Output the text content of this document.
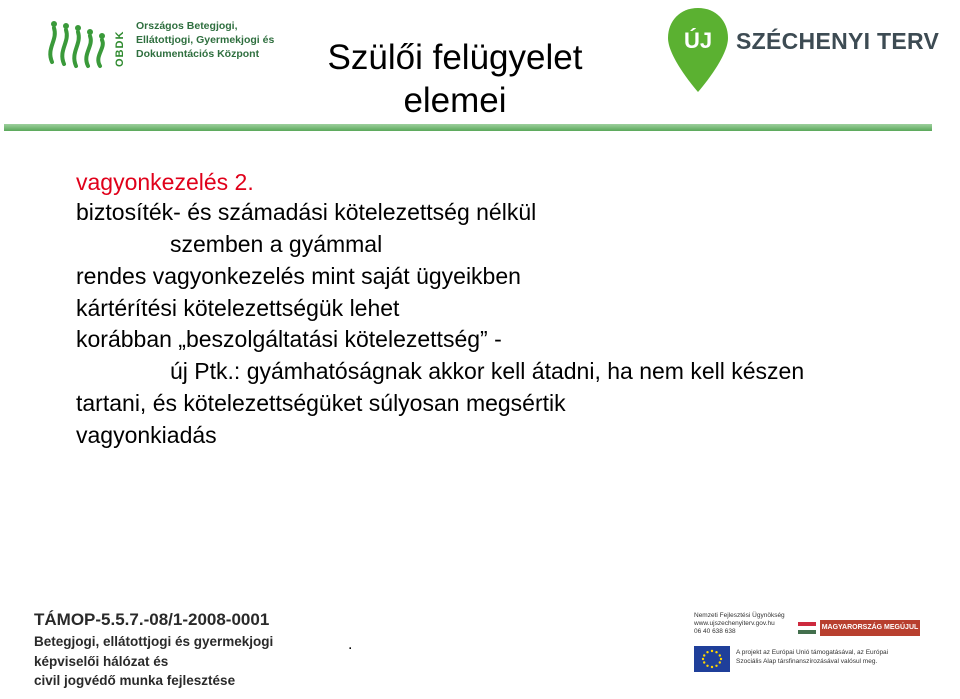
OBDK
Országos Betegjogi,
Ellátottjogi, Gyermekjogi és
Dokumentációs Központ	Szülői felügyelet
elemei
ÚJ SZÉCHENYI TERV
vagyonkezelés 2.
biztosíték- és számadási kötelezettség nélkül
szemben a gyámmal
rendes vagyonkezelés mint saját ügyeikben
kártérítési kötelezettségük lehet
korábban „beszolgáltatási kötelezettség” -
új Ptk.: gyámhatóságnak akkor kell átadni, ha nem kell készen
tartani, és kötelezettségüket súlyosan megsértik
vagyonkiadás
TÁMOP-5.5.7.-08/1-2008-0001
Betegjogi, ellátottjogi és gyermekjogi
képviselői hálózat és
civil jogvédő munka fejlesztése
.
Nemzeti Fejlesztési Ügynökség
www.ujszechenyiterv.gov.hu
06 40 638 638
MAGYARORSZÁG MEGÚJUL
A projekt az Európai Unió támogatásával, az Európai
Szociális Alap társfinanszírozásával valósul meg.
